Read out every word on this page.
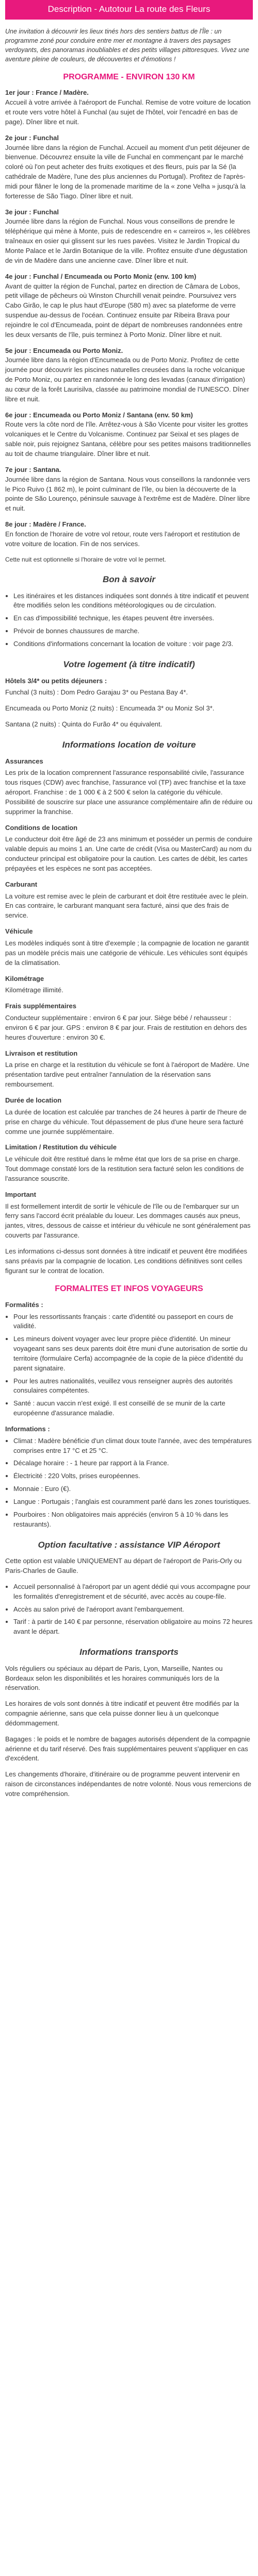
Description - Autotour La route des Fleurs

Une invitation à découvrir les lieux tinés hors des sentiers battus de l'Île : un programme zoné pour conduire entre mer et montagne à travers des paysages verdoyants, des panoramas inoubliables et des petits villages pittoresques. Vivez une aventure pleine de couleurs, de découvertes et d'émotions !

PROGRAMME - ENVIRON 130 KM
1er jour : France / Madère.

Accueil à votre arrivée à l'aéroport de Funchal. Remise de votre voiture de location et route vers votre hôtel à Funchal (au sujet de l'hôtel, voir l'encadré en bas de page). Dîner libre et nuit.

2e jour : Funchal

Journée libre dans la région de Funchal. Accueil au moment d'un petit déjeuner de bienvenue. Découvrez ensuite la ville de Funchal en commençant par le marché coloré où l'on peut acheter des fruits exotiques et des fleurs, puis par la Sé (la cathédrale de Madère, l'une des plus anciennes du Portugal). Profitez de l'après-midi pour flâner le long de la promenade maritime de la « zone Velha » jusqu'à la forteresse de São Tiago. Dîner libre et nuit.

3e jour : Funchal

Journée libre dans la région de Funchal. Nous vous conseillons de prendre le téléphérique qui mène à Monte, puis de redescendre en « carreiros », les célèbres traîneaux en osier qui glissent sur les rues pavées. Visitez le Jardin Tropical du Monte Palace et le Jardin Botanique de la ville. Profitez ensuite d'une dégustation de vin de Madère dans une ancienne cave. Dîner libre et nuit.

4e jour : Funchal / Encumeada ou Porto Moniz (env. 100 km)

Avant de quitter la région de Funchal, partez en direction de Câmara de Lobos, petit village de pêcheurs où Winston Churchill venait peindre. Poursuivez vers Cabo Girão, le cap le plus haut d'Europe (580 m) avec sa plateforme de verre suspendue au-dessus de l'océan. Continuez ensuite par Ribeira Brava pour rejoindre le col d'Encumeada, point de départ de nombreuses randonnées entre les deux versants de l'île, puis terminez à Porto Moniz. Dîner libre et nuit.

5e jour : Encumeada ou Porto Moniz.

Journée libre dans la région d'Encumeada ou de Porto Moniz. Profitez de cette journée pour découvrir les piscines naturelles creusées dans la roche volcanique de Porto Moniz, ou partez en randonnée le long des levadas (canaux d'irrigation) au cœur de la forêt Laurisilva, classée au patrimoine mondial de l'UNESCO. Dîner libre et nuit.

6e jour : Encumeada ou Porto Moniz / Santana (env. 50 km)

Route vers la côte nord de l'île. Arrêtez-vous à São Vicente pour visiter les grottes volcaniques et le Centre du Volcanisme. Continuez par Seixal et ses plages de sable noir, puis rejoignez Santana, célèbre pour ses petites maisons traditionnelles au toit de chaume triangulaire. Dîner libre et nuit.

7e jour : Santana.

Journée libre dans la région de Santana. Nous vous conseillons la randonnée vers le Pico Ruivo (1 862 m), le point culminant de l'île, ou bien la découverte de la pointe de São Lourenço, péninsule sauvage à l'extrême est de Madère. Dîner libre et nuit.

8e jour : Madère / France.

En fonction de l'horaire de votre vol retour, route vers l'aéroport et restitution de votre voiture de location. Fin de nos services.

Cette nuit est optionnelle si l'horaire de votre vol le permet.

Bon à savoir
• Les itinéraires et les distances indiquées sont donnés à titre indicatif et peuvent être modifiés selon les conditions météorologiques ou de circulation.
• En cas d'impossibilité technique, les étapes peuvent être inversées.
• Prévoir de bonnes chaussures de marche.
• Conditions d'informations concernant la location de voiture : voir page 2/3.
Votre logement (à titre indicatif)

Hôtels 3/4* ou petits déjeuners :

Funchal (3 nuits) : Dom Pedro Garajau 3* ou Pestana Bay 4*.

Encumeada ou Porto Moniz (2 nuits) : Encumeada 3* ou Moniz Sol 3*.

Santana (2 nuits) : Quinta do Furão 4* ou équivalent.

Informations location de voiture

Assurances

Les prix de la location comprennent l'assurance responsabilité civile, l'assurance tous risques (CDW) avec franchise, l'assurance vol (TP) avec franchise et la taxe aéroport. Franchise : de 1 000 € à 2 500 € selon la catégorie du véhicule. Possibilité de souscrire sur place une assurance complémentaire afin de réduire ou supprimer la franchise.

Conditions de location

Le conducteur doit être âgé de 23 ans minimum et posséder un permis de conduire valable depuis au moins 1 an. Une carte de crédit (Visa ou MasterCard) au nom du conducteur principal est obligatoire pour la caution. Les cartes de débit, les cartes prépayées et les espèces ne sont pas acceptées.

Carburant

La voiture est remise avec le plein de carburant et doit être restituée avec le plein. En cas contraire, le carburant manquant sera facturé, ainsi que des frais de service.

Véhicule

Les modèles indiqués sont à titre d'exemple ; la compagnie de location ne garantit pas un modèle précis mais une catégorie de véhicule. Les véhicules sont équipés de la climatisation.

Kilométrage

Kilométrage illimité.

Frais supplémentaires

Conducteur supplémentaire : environ 6 € par jour. Siège bébé / rehausseur : environ 6 € par jour. GPS : environ 8 € par jour. Frais de restitution en dehors des heures d'ouverture : environ 30 €.

Livraison et restitution

La prise en charge et la restitution du véhicule se font à l'aéroport de Madère. Une présentation tardive peut entraîner l'annulation de la réservation sans remboursement.

Durée de location

La durée de location est calculée par tranches de 24 heures à partir de l'heure de prise en charge du véhicule. Tout dépassement de plus d'une heure sera facturé comme une journée supplémentaire.

Limitation / Restitution du véhicule

Le véhicule doit être restitué dans le même état que lors de sa prise en charge. Tout dommage constaté lors de la restitution sera facturé selon les conditions de l'assurance souscrite.

Important

Il est formellement interdit de sortir le véhicule de l'île ou de l'embarquer sur un ferry sans l'accord écrit préalable du loueur. Les dommages causés aux pneus, jantes, vitres, dessous de caisse et intérieur du véhicule ne sont généralement pas couverts par l'assurance.

Les informations ci-dessus sont données à titre indicatif et peuvent être modifiées sans préavis par la compagnie de location. Les conditions définitives sont celles figurant sur le contrat de location.

FORMALITES ET INFOS VOYAGEURS

Formalités :

• Pour les ressortissants français : carte d'identité ou passeport en cours de validité.
• Les mineurs doivent voyager avec leur propre pièce d'identité. Un mineur voyageant sans ses deux parents doit être muni d'une autorisation de sortie du territoire (formulaire Cerfa) accompagnée de la copie de la pièce d'identité du parent signataire.
• Pour les autres nationalités, veuillez vous renseigner auprès des autorités consulaires compétentes.
• Santé : aucun vaccin n'est exigé. Il est conseillé de se munir de la carte européenne d'assurance maladie.

Informations :

• Climat : Madère bénéficie d'un climat doux toute l'année, avec des températures comprises entre 17 °C et 25 °C.
• Décalage horaire : - 1 heure par rapport à la France.
• Électricité : 220 Volts, prises européennes.
• Monnaie : Euro (€).
• Langue : Portugais ; l'anglais est couramment parlé dans les zones touristiques.
• Pourboires : Non obligatoires mais appréciés (environ 5 à 10 % dans les restaurants).
Option facultative : assistance VIP Aéroport

Cette option est valable UNIQUEMENT au départ de l'aéroport de Paris-Orly ou Paris-Charles de Gaulle.

• Accueil personnalisé à l'aéroport par un agent dédié qui vous accompagne pour les formalités d'enregistrement et de sécurité, avec accès au coupe-file.
• Accès au salon privé de l'aéroport avant l'embarquement.
• Tarif : à partir de 140 € par personne, réservation obligatoire au moins 72 heures avant le départ.
Informations transports

Vols réguliers ou spéciaux au départ de Paris, Lyon, Marseille, Nantes ou Bordeaux selon les disponibilités et les horaires communiqués lors de la réservation.

Les horaires de vols sont donnés à titre indicatif et peuvent être modifiés par la compagnie aérienne, sans que cela puisse donner lieu à un quelconque dédommagement.

Bagages : le poids et le nombre de bagages autorisés dépendent de la compagnie aérienne et du tarif réservé. Des frais supplémentaires peuvent s'appliquer en cas d'excédent.

Les changements d'horaire, d'itinéraire ou de programme peuvent intervenir en raison de circonstances indépendantes de notre volonté. Nous vous remercions de votre compréhension.
